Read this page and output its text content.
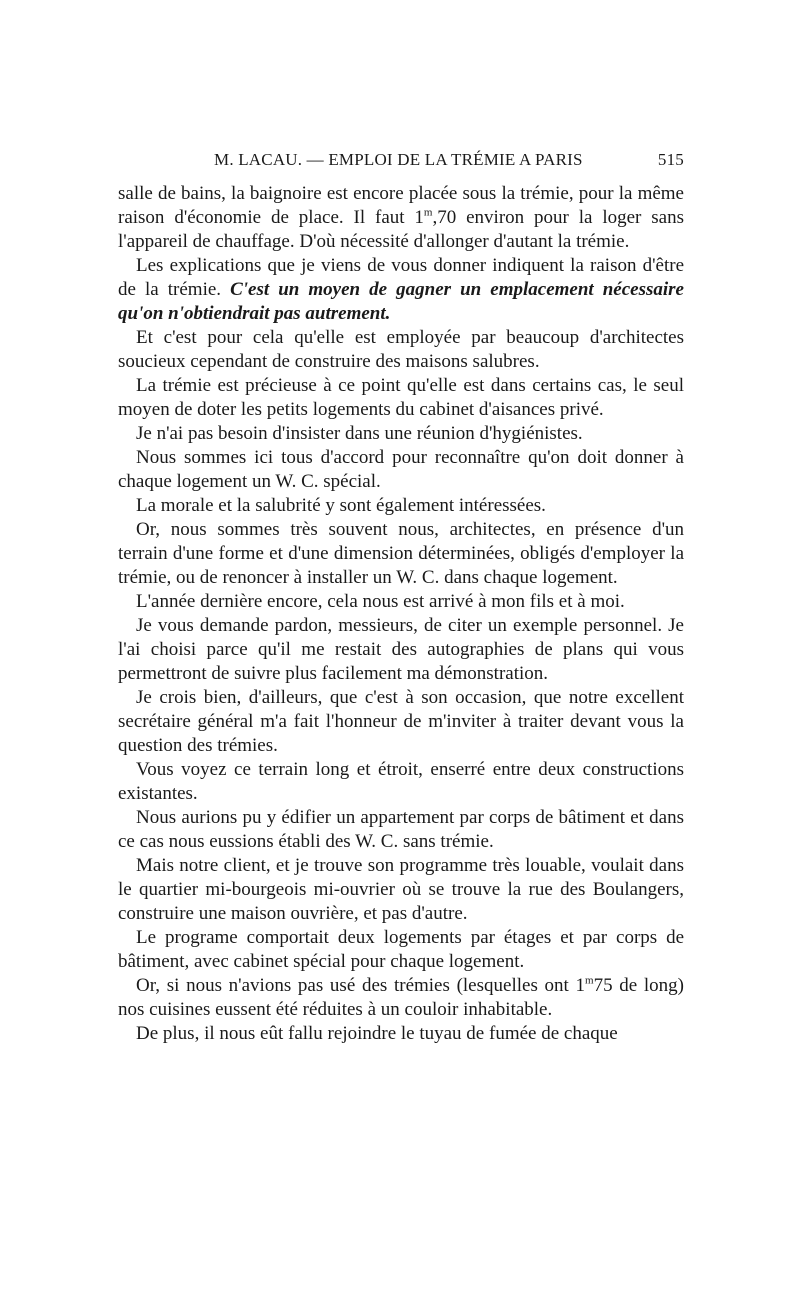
M. LACAU. — EMPLOI DE LA TRÉMIE A PARIS	515

salle de bains, la baignoire est encore placée sous la trémie, pour la même raison d'économie de place. Il faut 1$^m$,70 environ pour la loger sans l'appareil de chauffage. D'où nécessité d'allonger d'autant la trémie.

Les explications que je viens de vous donner indiquent la raison d'être de la trémie. C'est un moyen de gagner un emplacement nécessaire qu'on n'obtiendrait pas autrement.

Et c'est pour cela qu'elle est employée par beaucoup d'architectes soucieux cependant de construire des maisons salubres.

La trémie est précieuse à ce point qu'elle est dans certains cas, le seul moyen de doter les petits logements du cabinet d'aisances privé.

Je n'ai pas besoin d'insister dans une réunion d'hygiénistes.

Nous sommes ici tous d'accord pour reconnaître qu'on doit donner à chaque logement un W. C. spécial.

La morale et la salubrité y sont également intéressées.

Or, nous sommes très souvent nous, architectes, en présence d'un terrain d'une forme et d'une dimension déterminées, obligés d'employer la trémie, ou de renoncer à installer un W. C. dans chaque logement.

L'année dernière encore, cela nous est arrivé à mon fils et à moi.

Je vous demande pardon, messieurs, de citer un exemple personnel. Je l'ai choisi parce qu'il me restait des autographies de plans qui vous permettront de suivre plus facilement ma démonstration.

Je crois bien, d'ailleurs, que c'est à son occasion, que notre excellent secrétaire général m'a fait l'honneur de m'inviter à traiter devant vous la question des trémies.

Vous voyez ce terrain long et étroit, enserré entre deux constructions existantes.

Nous aurions pu y édifier un appartement par corps de bâtiment et dans ce cas nous eussions établi des W. C. sans trémie.

Mais notre client, et je trouve son programme très louable, voulait dans le quartier mi-bourgeois mi-ouvrier où se trouve la rue des Boulangers, construire une maison ouvrière, et pas d'autre.

Le programe comportait deux logements par étages et par corps de bâtiment, avec cabinet spécial pour chaque logement.

Or, si nous n'avions pas usé des trémies (lesquelles ont 1$^m$75 de long) nos cuisines eussent été réduites à un couloir inhabitable.

De plus, il nous eût fallu rejoindre le tuyau de fumée de chaque
